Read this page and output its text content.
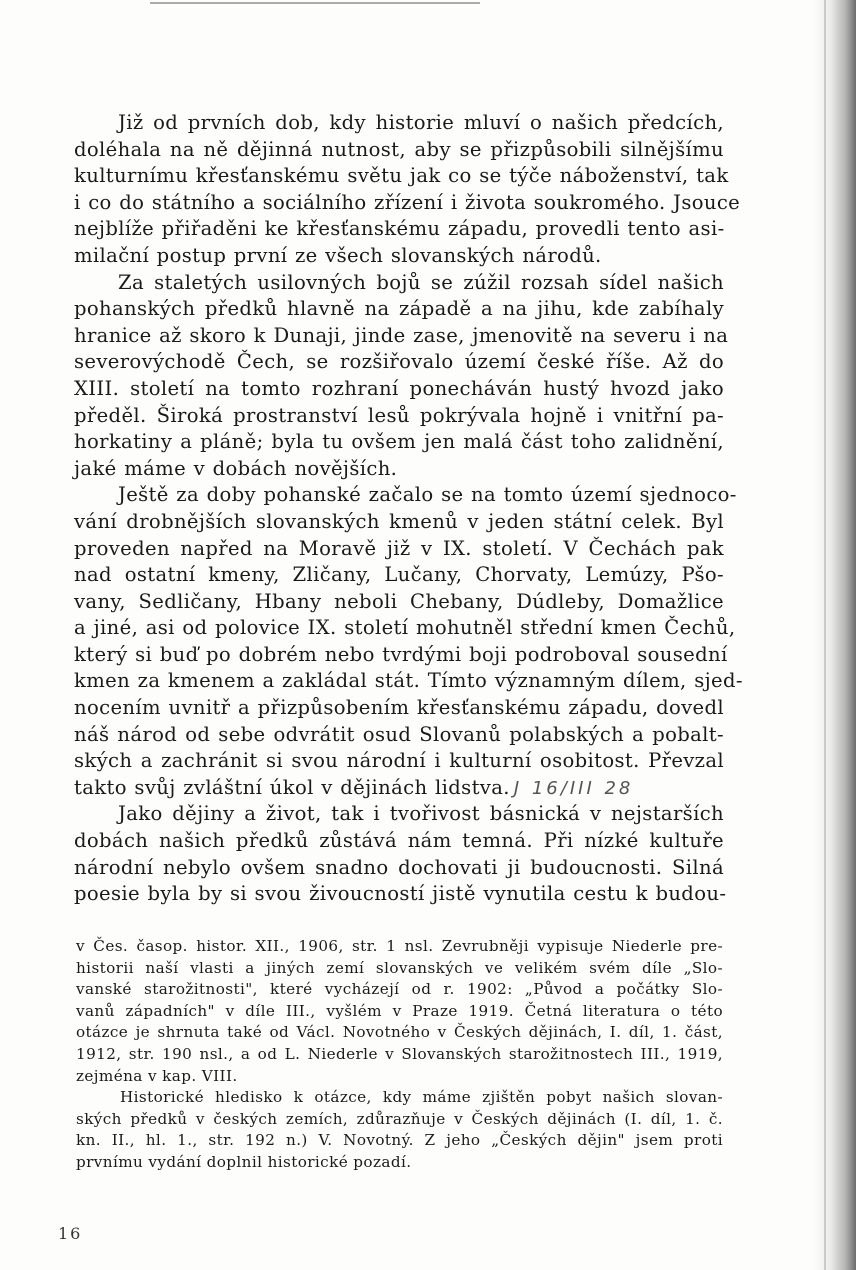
Již od prvních dob, kdy historie mluví o našich předcích,
doléhala na ně dějinná nutnost, aby se přizpůsobili silnějšímu
kulturnímu křesťanskému světu jak co se týče náboženství, tak
i co do státního a sociálního zřízení i života soukromého. Jsouce
nejblíže přiřaděni ke křesťanskému západu, provedli tento asi-
milační postup první ze všech slovanských národů.
Za staletých usilovných bojů se zúžil rozsah sídel našich
pohanských předků hlavně na západě a na jihu, kde zabíhaly
hranice až skoro k Dunaji, jinde zase, jmenovitě na severu i na
severovýchodě Čech, se rozšiřovalo území české říše. Až do
XIII. století na tomto rozhraní ponecháván hustý hvozd jako
předěl. Široká prostranství lesů pokrývala hojně i vnitřní pa-
horkatiny a pláně; byla tu ovšem jen malá část toho zalidnění,
jaké máme v dobách novějších.
Ještě za doby pohanské začalo se na tomto území sjednoco-
vání drobnějších slovanských kmenů v jeden státní celek. Byl
proveden napřed na Moravě již v IX. století. V Čechách pak
nad ostatní kmeny, Zličany, Lučany, Chorvaty, Lemúzy, Pšo-
vany, Sedličany, Hbany neboli Chebany, Dúdleby, Domažlice
a jiné, asi od polovice IX. století mohutněl střední kmen Čechů,
který si buď po dobrém nebo tvrdými boji podroboval sousední
kmen za kmenem a zakládal stát. Tímto významným dílem, sjed-
nocením uvnitř a přizpůsobením křesťanskému západu, dovedl
náš národ od sebe odvrátit osud Slovanů polabských a pobalt-
ských a zachránit si svou národní i kulturní osobitost. Převzal
takto svůj zvláštní úkol v dějinách lidstva. J 16/III 28
Jako dějiny a život, tak i tvořivost básnická v nejstarších
dobách našich předků zůstává nám temná. Při nízké kultuře
národní nebylo ovšem snadno dochovati ji budoucnosti. Silná
poesie byla by si svou živoucností jistě vynutila cestu k budou-
v Čes. časop. histor. XII., 1906, str. 1 nsl. Zevrubněji vypisuje Niederle pre-
historii naší vlasti a jiných zemí slovanských ve velikém svém díle „Slo-
vanské starožitnosti", které vycházejí od r. 1902: „Původ a počátky Slo-
vanů západních" v díle III., vyšlém v Praze 1919. Četná literatura o této
otázce je shrnuta také od Václ. Novotného v Českých dějinách, I. díl, 1. část,
1912, str. 190 nsl., a od L. Niederle v Slovanských starožitnostech III., 1919,
zejména v kap. VIII.
Historické hledisko k otázce, kdy máme zjištěn pobyt našich slovan-
ských předků v českých zemích, zdůrazňuje v Českých dějinách (I. díl, 1. č.
kn. II., hl. 1., str. 192 n.) V. Novotný. Z jeho „Českých dějin" jsem proti
prvnímu vydání doplnil historické pozadí.
16
